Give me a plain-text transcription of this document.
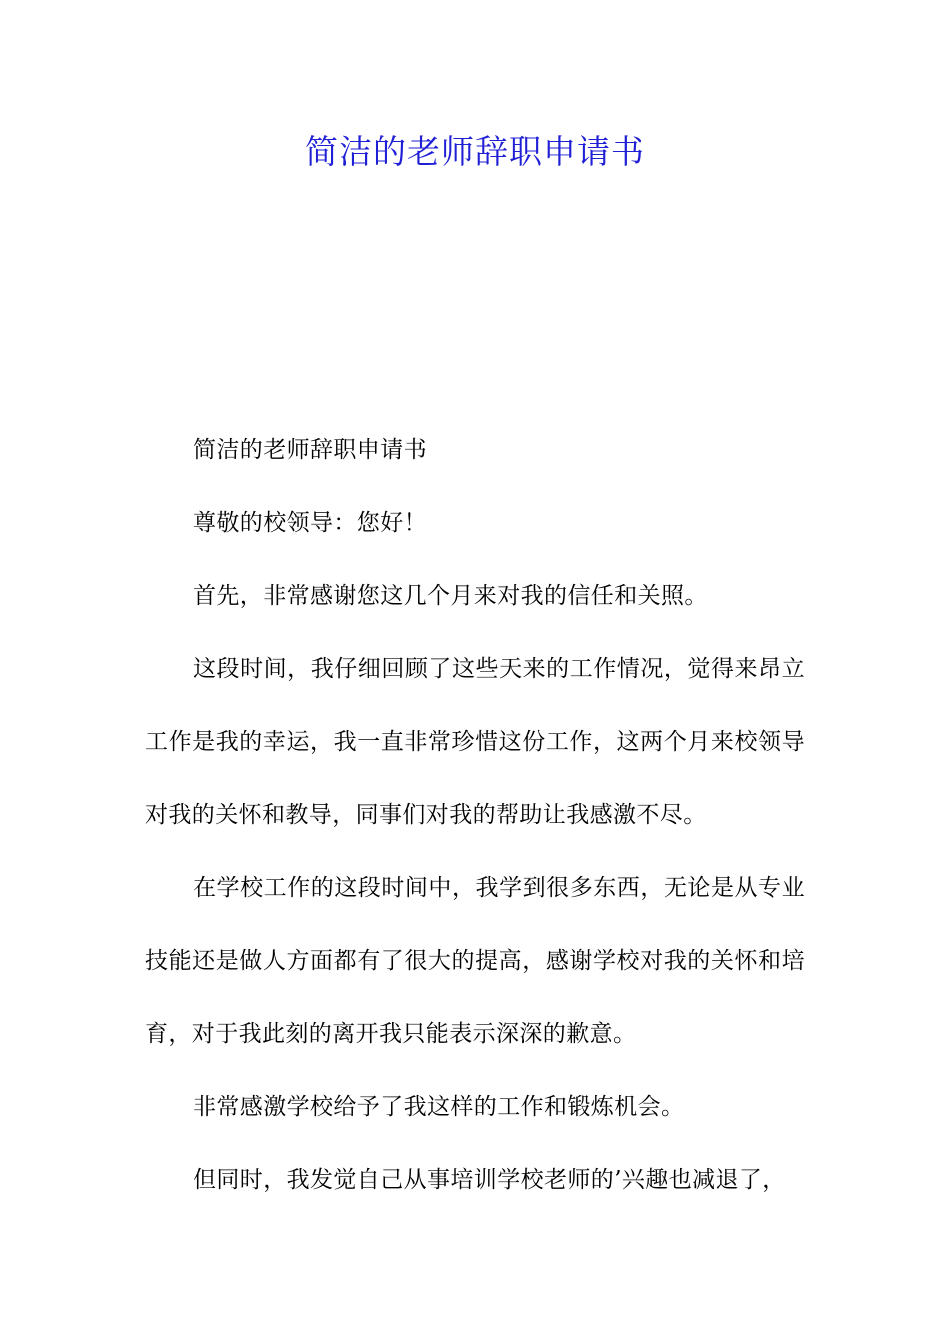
简洁的老师辞职申请书

简洁的老师辞职申请书

尊敬的校领导：您好！

首先，非常感谢您这几个月来对我的信任和关照。

这段时间，我仔细回顾了这些天来的工作情况，觉得来昂立工作是我的幸运，我一直非常珍惜这份工作，这两个月来校领导对我的关怀和教导，同事们对我的帮助让我感激不尽。

在学校工作的这段时间中，我学到很多东西，无论是从专业技能还是做人方面都有了很大的提高，感谢学校对我的关怀和培育，对于我此刻的离开我只能表示深深的歉意。

非常感激学校给予了我这样的工作和锻炼机会。

但同时，我发觉自己从事培训学校老师的’兴趣也减退了，
